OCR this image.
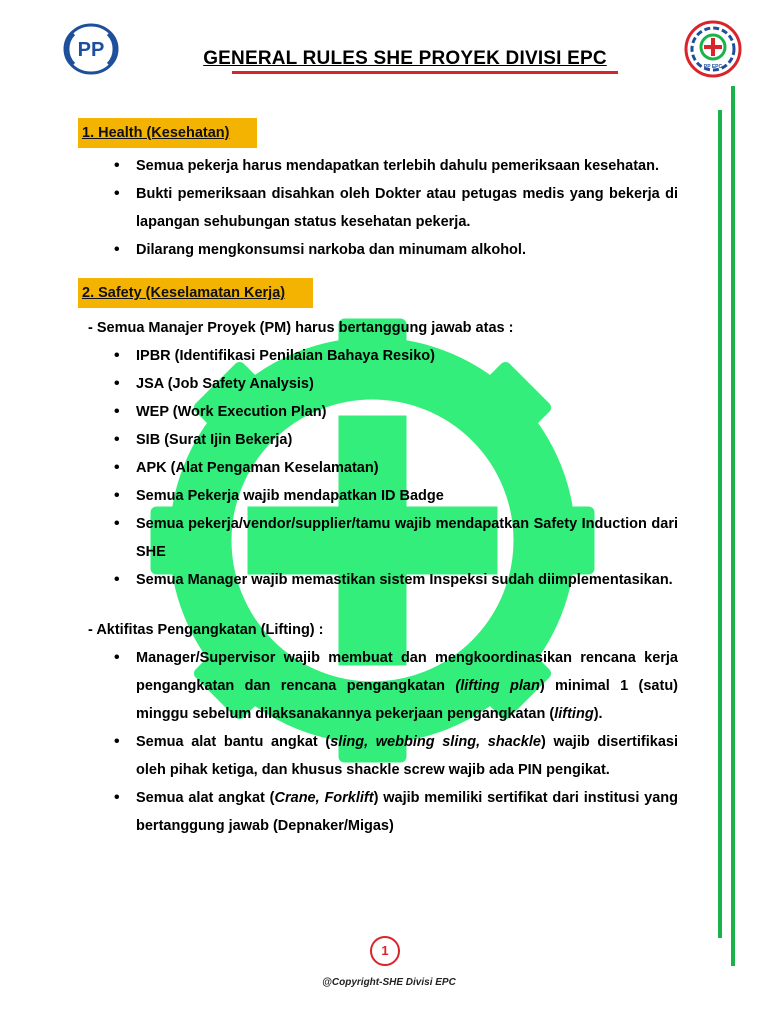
PP	GENERAL RULES SHE PROYEK DIVISI EPC	PP EPC
1. Health (Kesehatan)
• Semua pekerja harus mendapatkan terlebih dahulu pemeriksaan kesehatan.
• Bukti pemeriksaan disahkan oleh Dokter atau petugas medis yang bekerja di lapangan sehubungan status kesehatan pekerja.
• Dilarang mengkonsumsi narkoba dan minumam alkohol.
2. Safety (Keselamatan Kerja)
- Semua Manajer Proyek (PM) harus bertanggung jawab atas :
• IPBR (Identifikasi Penilaian Bahaya Resiko)
• JSA (Job Safety Analysis)
• WEP (Work Execution Plan)
• SIB (Surat Ijin Bekerja)
• APK (Alat Pengaman Keselamatan)
• Semua Pekerja wajib mendapatkan ID Badge
• Semua pekerja/vendor/supplier/tamu wajib mendapatkan Safety Induction dari SHE
• Semua Manager wajib memastikan sistem Inspeksi sudah diimplementasikan.
- Aktifitas Pengangkatan (Lifting) :
• Manager/Supervisor wajib membuat dan mengkoordinasikan rencana kerja pengangkatan dan rencana pengangkatan (lifting plan) minimal 1 (satu) minggu sebelum dilaksanakannya pekerjaan pengangkatan (lifting).
• Semua alat bantu angkat (sling, webbing sling, shackle) wajib disertifikasi oleh pihak ketiga, dan khusus shackle screw wajib ada PIN pengikat.
• Semua alat angkat (Crane, Forklift) wajib memiliki sertifikat dari institusi yang bertanggung jawab (Depnaker/Migas)
1
@Copyright-SHE Divisi EPC
